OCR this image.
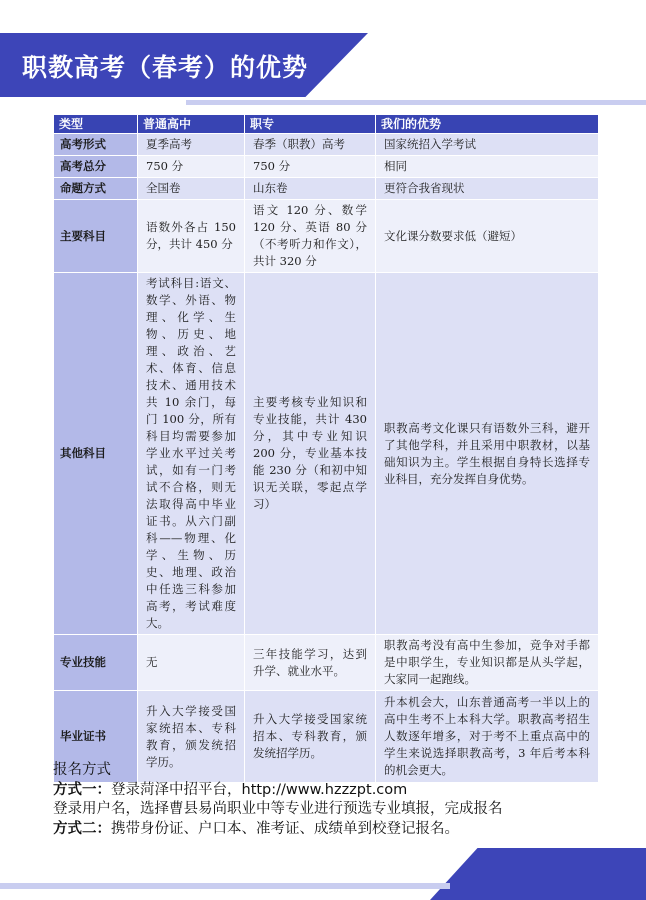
职教高考（春考）的优势
类型	普通高中	职专	我们的优势
高考形式	夏季高考	春季（职教）高考	国家统招入学考试
高考总分	750 分	750 分	相同
命题方式	全国卷	山东卷	更符合我省现状
主要科目	语数外各占 150 分，共计 450 分	语文 120 分、数学 120 分、英语 80 分（不考听力和作文），共计 320 分	文化课分数要求低（避短）
其他科目	考试科目:语文、数学、外语、物理、化学、生物、历史、地理、政治、艺术、体育、信息技术、通用技术共 10 余门，每门 100 分，所有科目均需要参加学业水平过关考试，如有一门考试不合格，则无法取得高中毕业证书。从六门副科——物理、化学、生物、历史、地理、政治中任选三科参加高考，考试难度大。	主要考核专业知识和专业技能，共计 430 分，其中专业知识 200 分，专业基本技能 230 分（和初中知识无关联，零起点学习）	职教高考文化课只有语数外三科，避开了其他学科，并且采用中职教材，以基础知识为主。学生根据自身特长选择专业科目，充分发挥自身优势。
专业技能	无	三年技能学习，达到升学、就业水平。	职教高考没有高中生参加，竞争对手都是中职学生，专业知识都是从头学起，大家同一起跑线。
毕业证书	升入大学接受国家统招本、专科教育，颁发统招学历。	升入大学接受国家统招本、专科教育，颁发统招学历。	升本机会大，山东普通高考一半以上的高中生考不上本科大学。职教高考招生人数逐年增多，对于考不上重点高中的学生来说选择职教高考，3 年后考本科的机会更大。
报名方式
方式一：登录菏泽中招平台，http://www.hzzzpt.com
登录用户名，选择曹县易尚职业中等专业进行预选专业填报，完成报名
方式二：携带身份证、户口本、准考证、成绩单到校登记报名。
